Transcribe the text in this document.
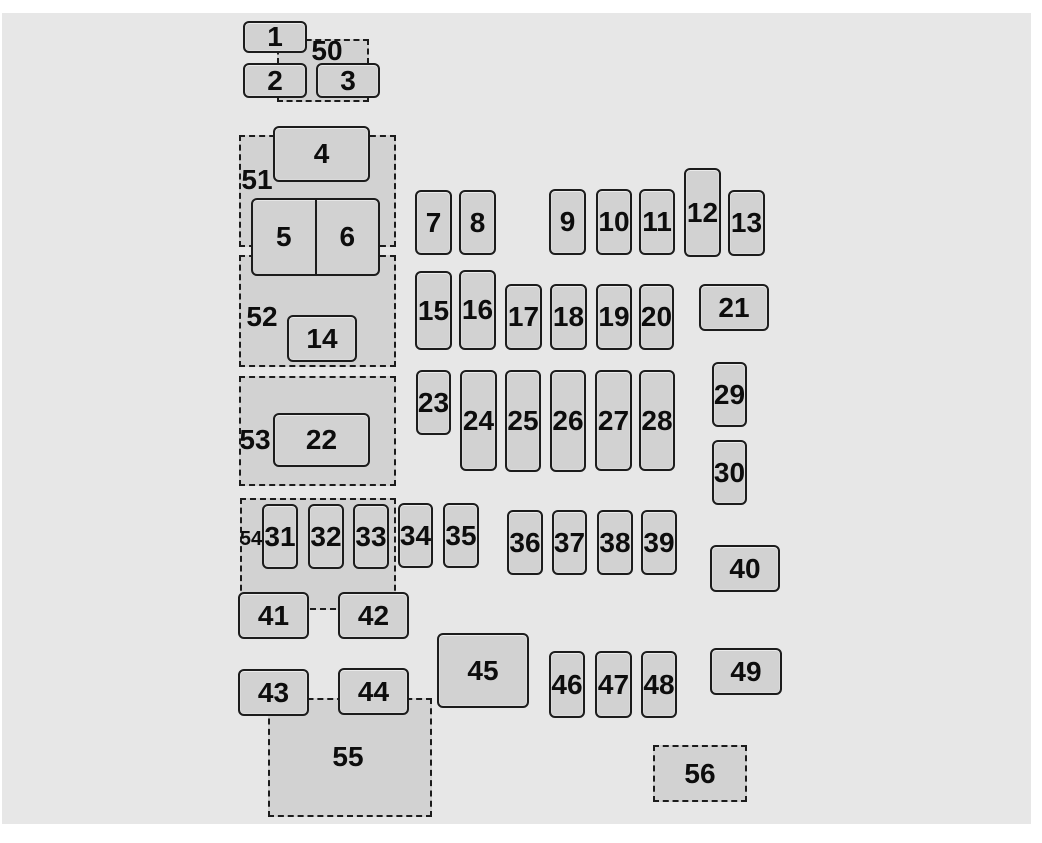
50
51
52
53
54
55
56
1
2 3
4
7 8	9 10 11 12 13
14
15 16 17 18 19 20 21
22
23
24 25 26 27 28
29
30
31 32 33 34 35 36 37 38 39
40
41 42
43 44
45 46 47 48 49
5 6
